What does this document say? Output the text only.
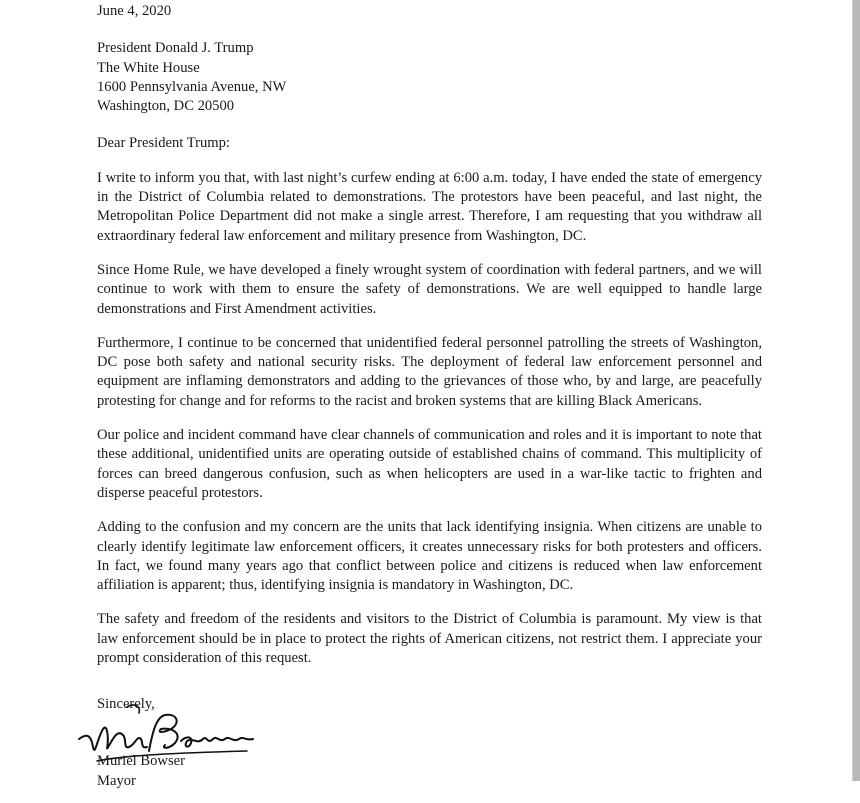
June 4, 2020
President Donald J. Trump
The White House
1600 Pennsylvania Avenue, NW
Washington, DC 20500
Dear President Trump:
I write to inform you that, with last night’s curfew ending at 6:00 a.m. today, I have ended the state of emergency in the District of Columbia related to demonstrations. The protestors have been peaceful, and last night, the Metropolitan Police Department did not make a single arrest. Therefore, I am requesting that you withdraw all extraordinary federal law enforcement and military presence from Washington, DC.
Since Home Rule, we have developed a finely wrought system of coordination with federal partners, and we will continue to work with them to ensure the safety of demonstrations. We are well equipped to handle large demonstrations and First Amendment activities.
Furthermore, I continue to be concerned that unidentified federal personnel patrolling the streets of Washington, DC pose both safety and national security risks. The deployment of federal law enforcement personnel and equipment are inflaming demonstrators and adding to the grievances of those who, by and large, are peacefully protesting for change and for reforms to the racist and broken systems that are killing Black Americans.
Our police and incident command have clear channels of communication and roles and it is important to note that these additional, unidentified units are operating outside of established chains of command. This multiplicity of forces can breed dangerous confusion, such as when helicopters are used in a war-like tactic to frighten and disperse peaceful protestors.
Adding to the confusion and my concern are the units that lack identifying insignia. When citizens are unable to clearly identify legitimate law enforcement officers, it creates unnecessary risks for both protesters and officers. In fact, we found many years ago that conflict between police and citizens is reduced when law enforcement affiliation is apparent; thus, identifying insignia is mandatory in Washington, DC.
The safety and freedom of the residents and visitors to the District of Columbia is paramount. My view is that law enforcement should be in place to protect the rights of American citizens, not restrict them. I appreciate your prompt consideration of this request.
Sincerely,
Muriel Bowser
Mayor
